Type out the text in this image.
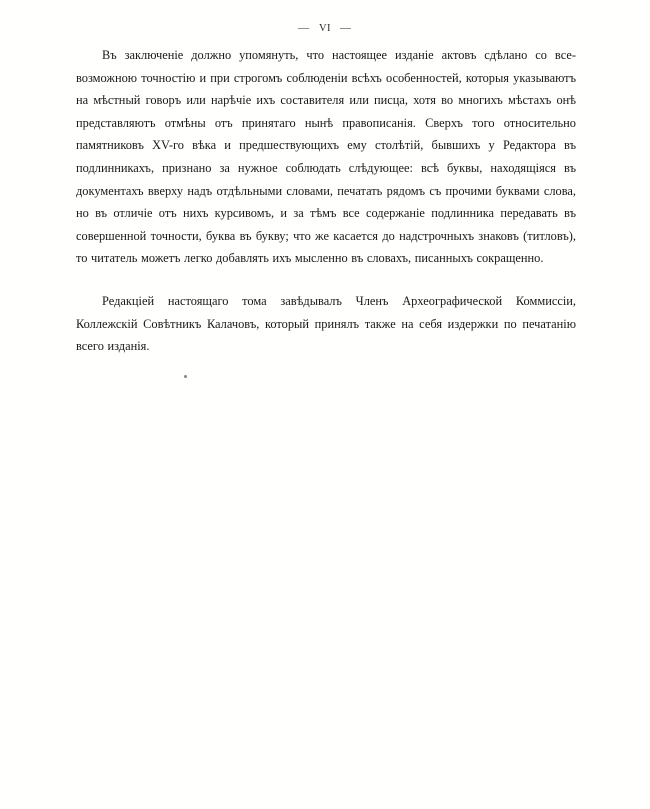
— VI —

Въ заключеніе должно упомянуть, что настоящее изданіе актовъ сдѣлано со все-возможною точностію и при строгомъ соблюденіи всѣхъ особенностей, которыя указываютъ на мѣстный говоръ или нарѣчіе ихъ составителя или писца, хотя во многихъ мѣстахъ онѣ представляютъ отмѣны отъ принятаго нынѣ правописанія. Сверхъ того относительно памятниковъ XV-го вѣка и предшествующихъ ему столѣтій, бывшихъ у Редактора въ подлинникахъ, признано за нужное соблюдать слѣдующее: всѣ буквы, находящіяся въ документахъ вверху надъ отдѣльными словами, печатать рядомъ съ прочими буквами слова, но въ отличіе отъ нихъ курсивомъ, и за тѣмъ все содержаніе подлинника передавать въ совершенной точности, буква въ букву; что же касается до надстрочныхъ знаковъ (титловъ), то читатель можетъ легко добавлять ихъ мысленно въ словахъ, писанныхъ сокращенно.

Редакціей настоящаго тома завѣдывалъ Членъ Археографической Коммиссіи, Коллежскій Совѣтникъ Калачовъ, который принялъ также на себя издержки по печатанію всего изданія.
